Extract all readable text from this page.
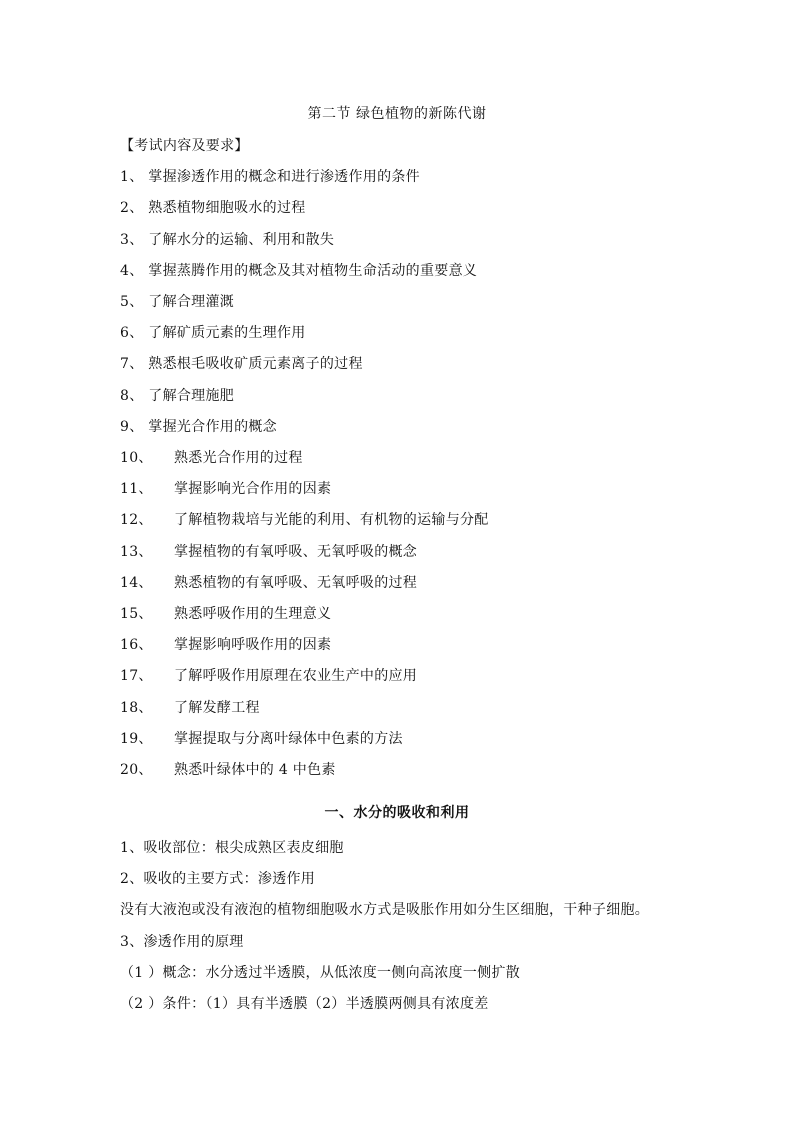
第二节 绿色植物的新陈代谢
【考试内容及要求】
1、 掌握渗透作用的概念和进行渗透作用的条件
2、 熟悉植物细胞吸水的过程
3、 了解水分的运输、利用和散失
4、 掌握蒸腾作用的概念及其对植物生命活动的重要意义
5、 了解合理灌溉
6、 了解矿质元素的生理作用
7、 熟悉根毛吸收矿质元素离子的过程
8、 了解合理施肥
9、 掌握光合作用的概念
10、 熟悉光合作用的过程
11、 掌握影响光合作用的因素
12、 了解植物栽培与光能的利用、有机物的运输与分配
13、 掌握植物的有氧呼吸、无氧呼吸的概念
14、 熟悉植物的有氧呼吸、无氧呼吸的过程
15、 熟悉呼吸作用的生理意义
16、 掌握影响呼吸作用的因素
17、 了解呼吸作用原理在农业生产中的应用
18、 了解发酵工程
19、 掌握提取与分离叶绿体中色素的方法
20、 熟悉叶绿体中的 4 中色素
一、水分的吸收和利用
1、吸收部位：根尖成熟区表皮细胞
2、吸收的主要方式：渗透作用
没有大液泡或没有液泡的植物细胞吸水方式是吸胀作用如分生区细胞，干种子细胞。
3、渗透作用的原理
（1 ）概念：水分透过半透膜，从低浓度一侧向高浓度一侧扩散
（2 ）条件：（1）具有半透膜（2）半透膜两侧具有浓度差
